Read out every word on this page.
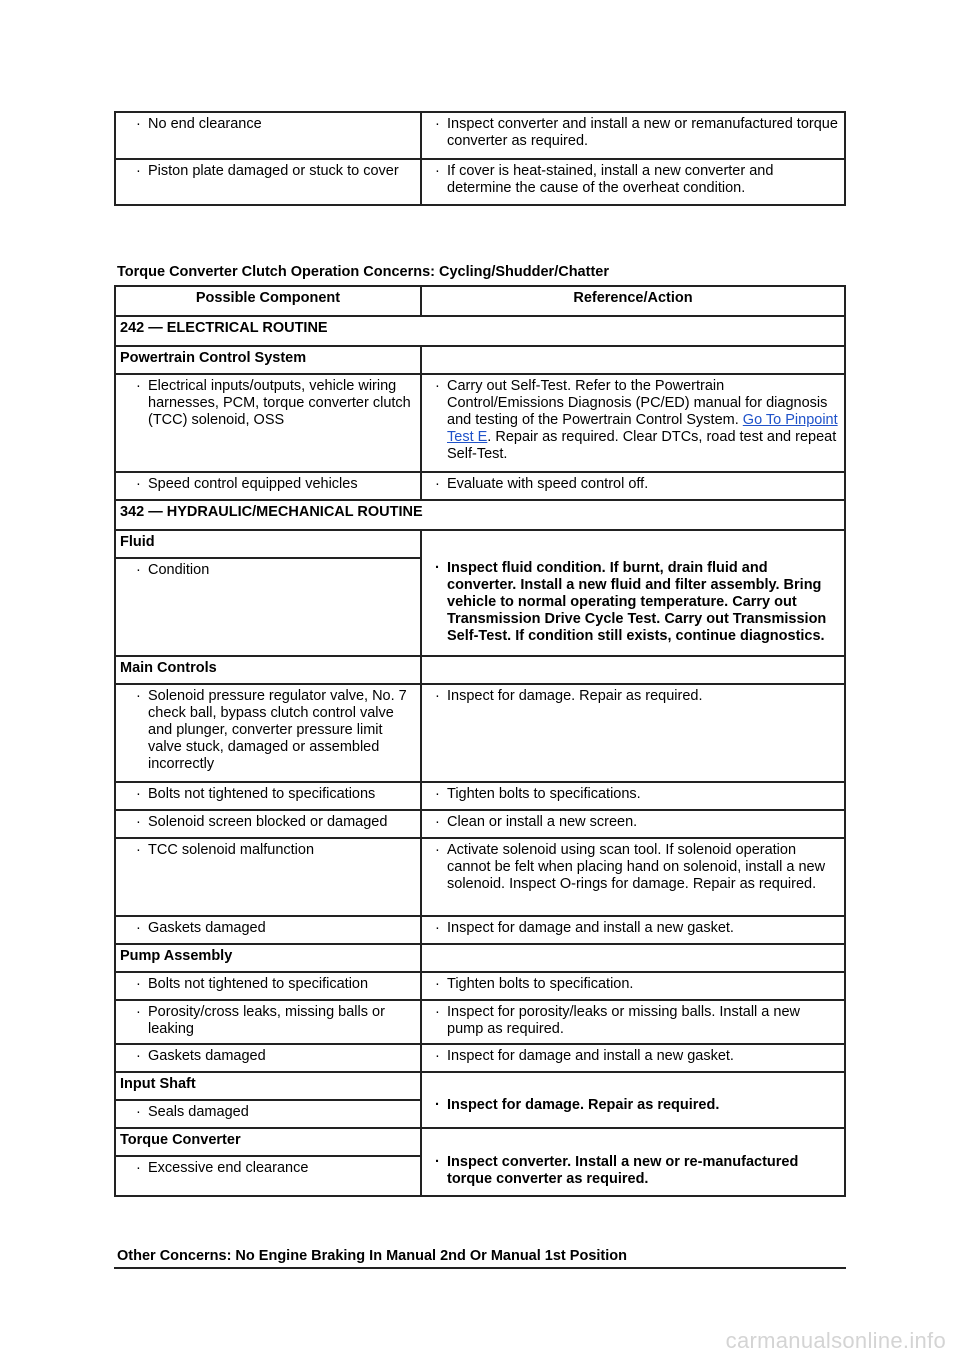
· No end clearance	· Inspect converter and install a new or remanufactured torque converter as required.

· Piston plate damaged or stuck to cover	· If cover is heat-stained, install a new converter and determine the cause of the overheat condition.
Torque Converter Clutch Operation Concerns: Cycling/Shudder/Chatter
Possible Component	Reference/Action
242 — ELECTRICAL ROUTINE	
Powertrain Control System	

· Electrical inputs/outputs, vehicle wiring harnesses, PCM, torque converter clutch (TCC) solenoid, OSS	· Carry out Self-Test. Refer to the Powertrain Control/Emissions Diagnosis (PC/ED) manual for diagnosis and testing of the Powertrain Control System. Go To Pinpoint Test E. Repair as required. Clear DTCs, road test and repeat Self-Test.

· Speed control equipped vehicles	· Evaluate with speed control off.

342 — HYDRAULIC/MECHANICAL ROUTINE	
Fluid	· Inspect fluid condition. If burnt, drain fluid and converter. Install a new fluid and filter assembly. Bring vehicle to normal operating temperature. Carry out Transmission Drive Cycle Test. Carry out Transmission Self-Test. If condition still exists, continue diagnostics.

· Condition	

Main Controls	

· Solenoid pressure regulator valve, No. 7 check ball, bypass clutch control valve and plunger, converter pressure limit valve stuck, damaged or assembled incorrectly	· Inspect for damage. Repair as required.

· Bolts not tightened to specifications	· Tighten bolts to specifications.

· Solenoid screen blocked or damaged	· Clean or install a new screen.

· TCC solenoid malfunction	· Activate solenoid using scan tool. If solenoid operation cannot be felt when placing hand on solenoid, install a new solenoid. Inspect O-rings for damage. Repair as required.

· Gaskets damaged	· Inspect for damage and install a new gasket.

Pump Assembly	

· Bolts not tightened to specification	· Tighten bolts to specification.

· Porosity/cross leaks, missing balls or leaking	· Inspect for porosity/leaks or missing balls. Install a new pump as required.

· Gaskets damaged	· Inspect for damage and install a new gasket.

Input Shaft	· Inspect for damage. Repair as required.

· Seals damaged	

Torque Converter	· Inspect converter. Install a new or re-manufactured torque converter as required.

· Excessive end clearance	
Other Concerns: No Engine Braking In Manual 2nd Or Manual 1st Position
carmanualsonline.info
